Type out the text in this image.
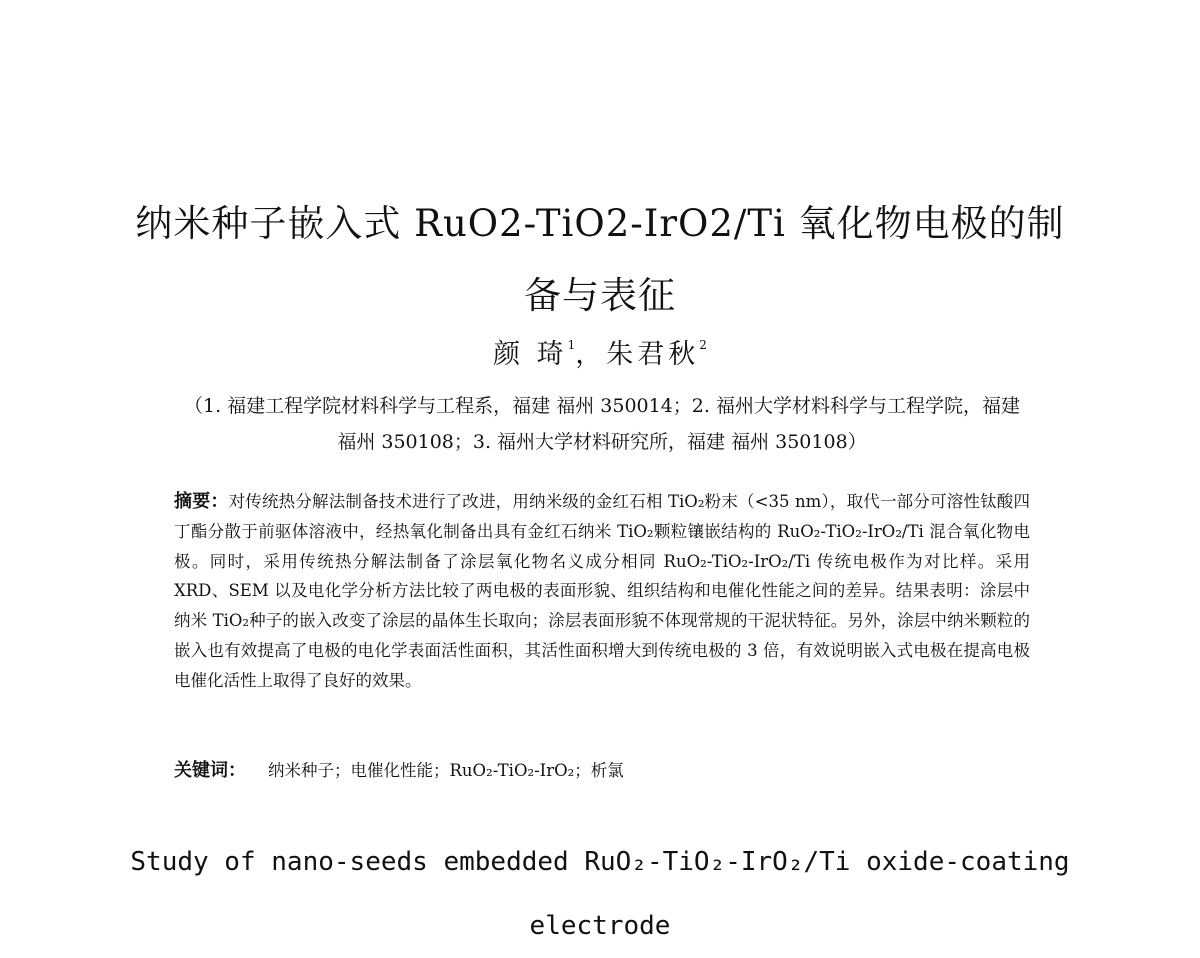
纳米种子嵌入式 RuO2-TiO2-IrO2/Ti 氧化物电极的制备与表征
颜 琦$^1$，朱君秋$^2$
（1. 福建工程学院材料科学与工程系，福建 福州 350014；2. 福州大学材料科学与工程学院，福建 福州 350108；3. 福州大学材料研究所，福建 福州 350108）

摘要：对传统热分解法制备技术进行了改进，用纳米级的金红石相 TiO₂粉末（<35 nm），取代一部分可溶性钛酸四丁酯分散于前驱体溶液中，经热氧化制备出具有金红石纳米 TiO₂颗粒镶嵌结构的 RuO₂-TiO₂-IrO₂/Ti 混合氧化物电极。同时，采用传统热分解法制备了涂层氧化物名义成分相同 RuO₂-TiO₂-IrO₂/Ti 传统电极作为对比样。采用 XRD、SEM 以及电化学分析方法比较了两电极的表面形貌、组织结构和电催化性能之间的差异。结果表明：涂层中纳米 TiO₂种子的嵌入改变了涂层的晶体生长取向；涂层表面形貌不体现常规的干泥状特征。另外，涂层中纳米颗粒的嵌入也有效提高了电极的电化学表面活性面积，其活性面积增大到传统电极的 3 倍，有效说明嵌入式电极在提高电极电催化活性上取得了良好的效果。

关键词： 纳米种子；电催化性能；RuO₂-TiO₂-IrO₂；析氯
Study of nano-seeds embedded RuO₂-TiO₂-IrO₂/Ti oxide-coating electrode
